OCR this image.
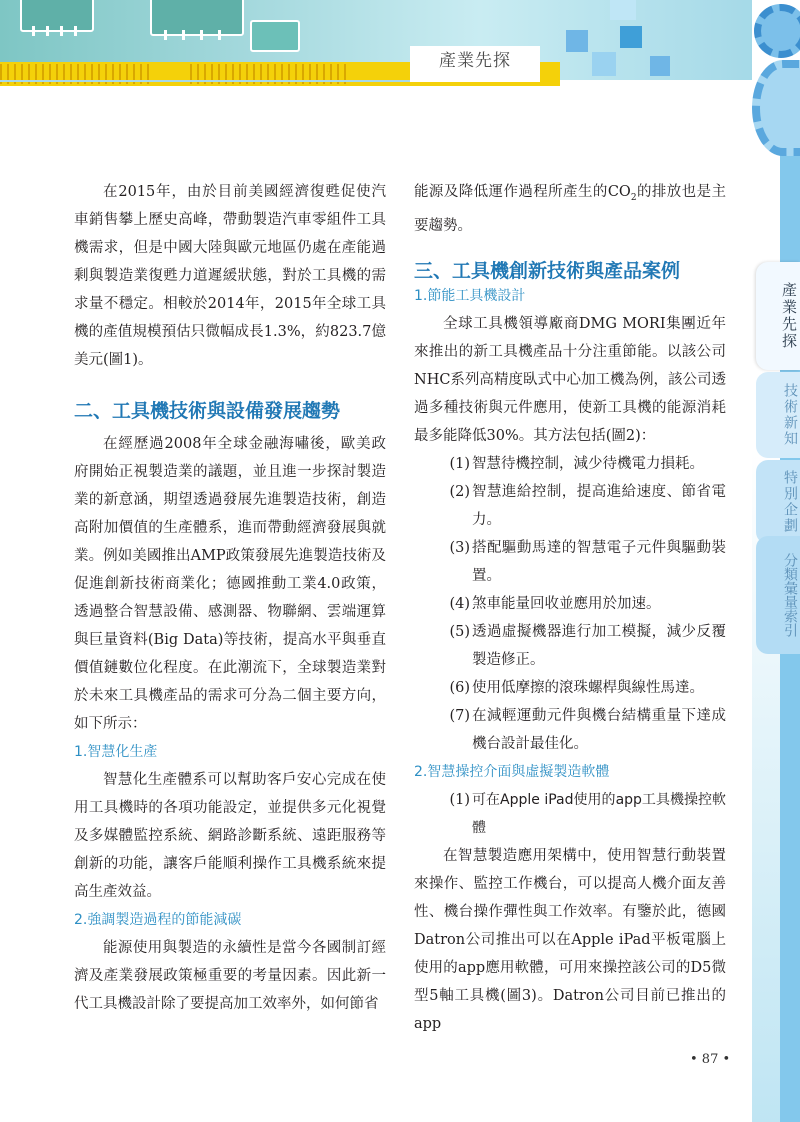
產業先探
產業先探
技術新知
特別企劃
分類彙量索引

在2015年，由於目前美國經濟復甦促使汽車銷售攀上歷史高峰，帶動製造汽車零組件工具機需求，但是中國大陸與歐元地區仍處在產能過剩與製造業復甦力道遲緩狀態，對於工具機的需求量不穩定。相較於2014年，2015年全球工具機的產值規模預估只微幅成長1.3%，約823.7億美元(圖1)。

二、工具機技術與設備發展趨勢

在經歷過2008年全球金融海嘯後，歐美政府開始正視製造業的議題，並且進一步探討製造業的新意涵，期望透過發展先進製造技術，創造高附加價值的生產體系，進而帶動經濟發展與就業。例如美國推出AMP政策發展先進製造技術及促進創新技術商業化；德國推動工業4.0政策，透過整合智慧設備、感測器、物聯網、雲端運算與巨量資料(Big Data)等技術，提高水平與垂直價值鏈數位化程度。在此潮流下，全球製造業對於未來工具機產品的需求可分為二個主要方向，如下所示：

1.智慧化生產

智慧化生產體系可以幫助客戶安心完成在使用工具機時的各項功能設定，並提供多元化視覺及多媒體監控系統、網路診斷系統、遠距服務等創新的功能，讓客戶能順利操作工具機系統來提高生產效益。

2.強調製造過程的節能減碳

能源使用與製造的永續性是當今各國制訂經濟及產業發展政策極重要的考量因素。因此新一代工具機設計除了要提高加工效率外，如何節省

能源及降低運作過程所產生的$CO_2$的排放也是主要趨勢。

三、工具機創新技術與產品案例
1.節能工具機設計

全球工具機領導廠商DMG MORI集團近年來推出的新工具機產品十分注重節能。以該公司NHC系列高精度臥式中心加工機為例，該公司透過多種技術與元件應用，使新工具機的能源消耗最多能降低30%。其方法包括(圖2)：

(1) 智慧待機控制，減少待機電力損耗。
(2) 智慧進給控制，提高進給速度、節省電力。
(3) 搭配驅動馬達的智慧電子元件與驅動裝置。
(4) 煞車能量回收並應用於加速。
(5) 透過虛擬機器進行加工模擬，減少反覆製造修正。
(6) 使用低摩擦的滾珠螺桿與線性馬達。
(7) 在減輕運動元件與機台結構重量下達成機台設計最佳化。
2.智慧操控介面與虛擬製造軟體
(1) 可在Apple iPad使用的app工具機操控軟體

在智慧製造應用架構中，使用智慧行動裝置來操作、監控工作機台，可以提高人機介面友善性、機台操作彈性與工作效率。有鑒於此，德國Datron公司推出可以在Apple iPad平板電腦上使用的app應用軟體，可用來操控該公司的D5微型5軸工具機(圖3)。Datron公司目前已推出的app

• 87 •
